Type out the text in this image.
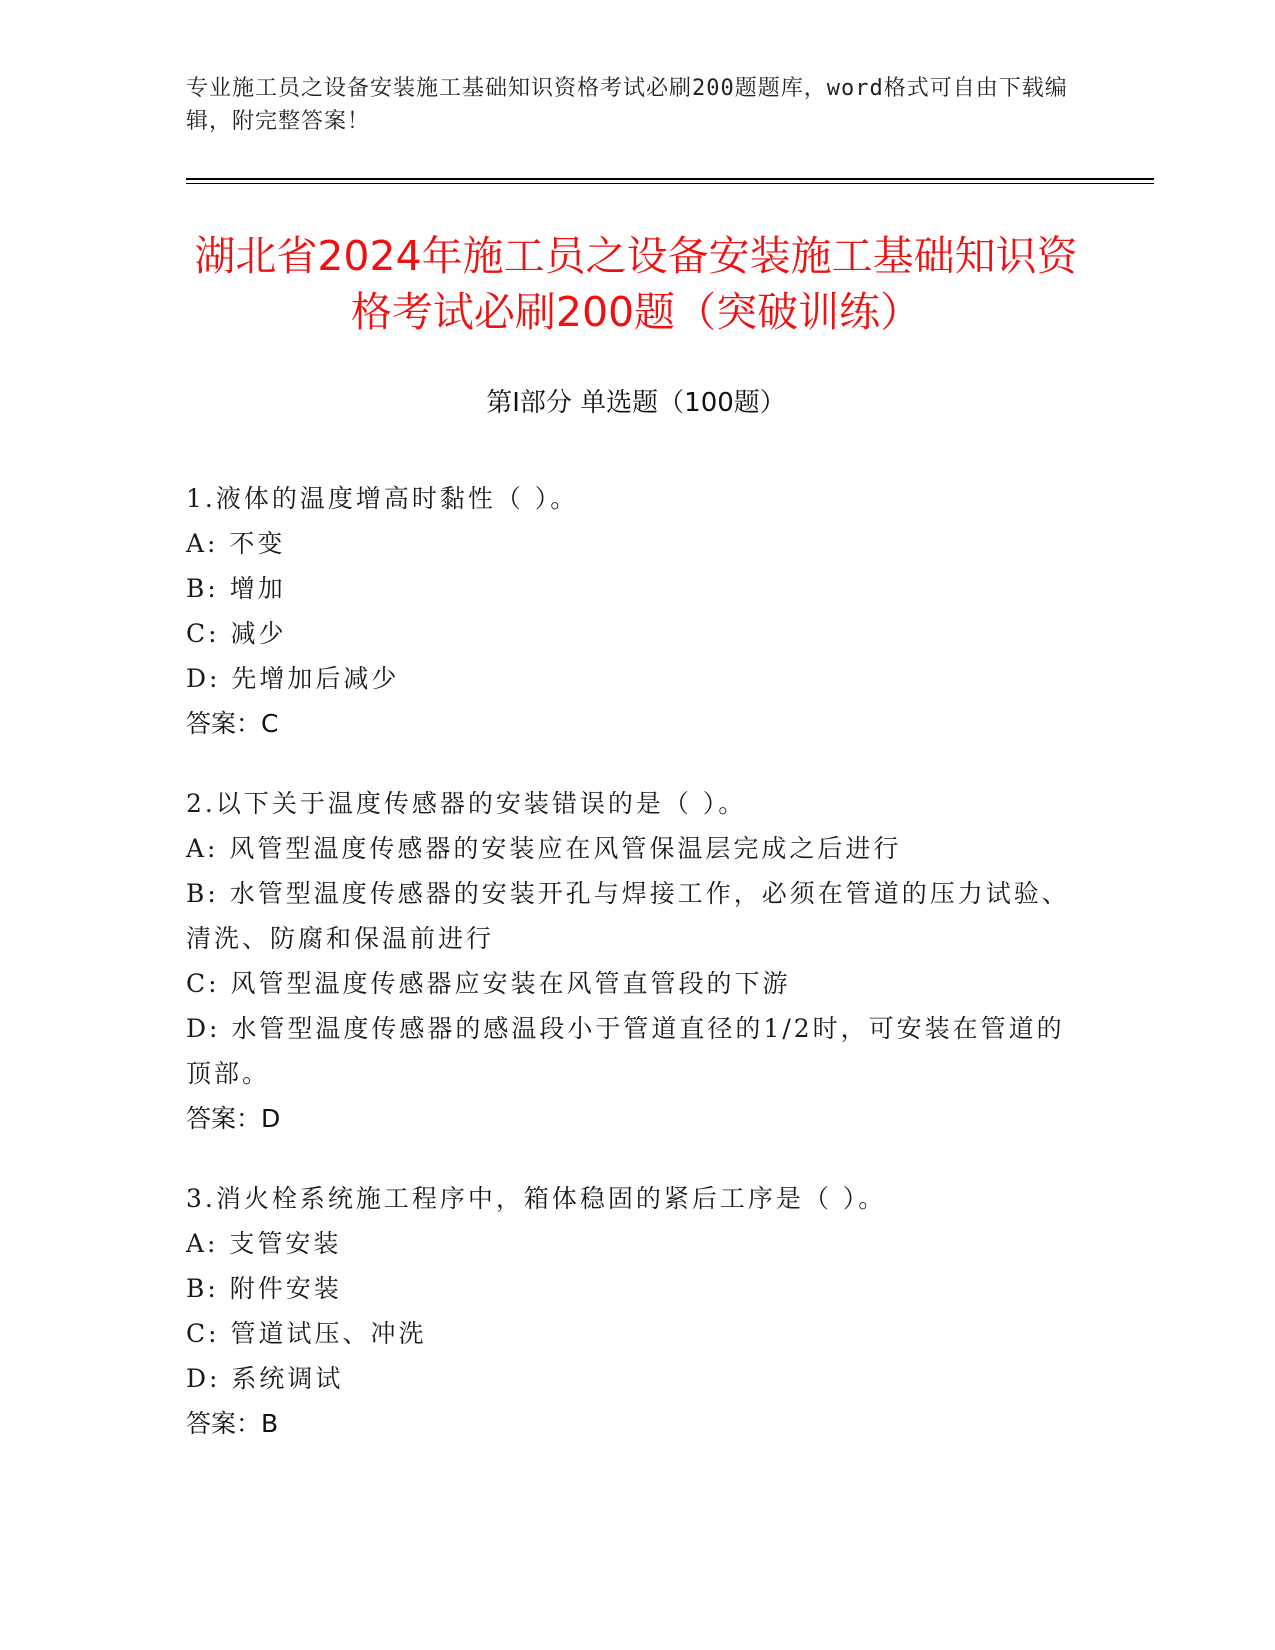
专业施工员之设备安装施工基础知识资格考试必刷200题题库，word格式可自由下载编辑，附完整答案！
湖北省2024年施工员之设备安装施工基础知识资格考试必刷200题（突破训练）
第Ⅰ部分 单选题（100题）
1.液体的温度增高时黏性（ ）。
A: 不变
B: 增加
C: 减少
D: 先增加后减少
答案：C
2.以下关于温度传感器的安装错误的是（ ）。
A: 风管型温度传感器的安装应在风管保温层完成之后进行
B: 水管型温度传感器的安装开孔与焊接工作，必须在管道的压力试验、清洗、防腐和保温前进行
C: 风管型温度传感器应安装在风管直管段的下游
D: 水管型温度传感器的感温段小于管道直径的1/2时，可安装在管道的顶部。
答案：D
3.消火栓系统施工程序中，箱体稳固的紧后工序是（ ）。
A: 支管安装
B: 附件安装
C: 管道试压、冲洗
D: 系统调试
答案：B
